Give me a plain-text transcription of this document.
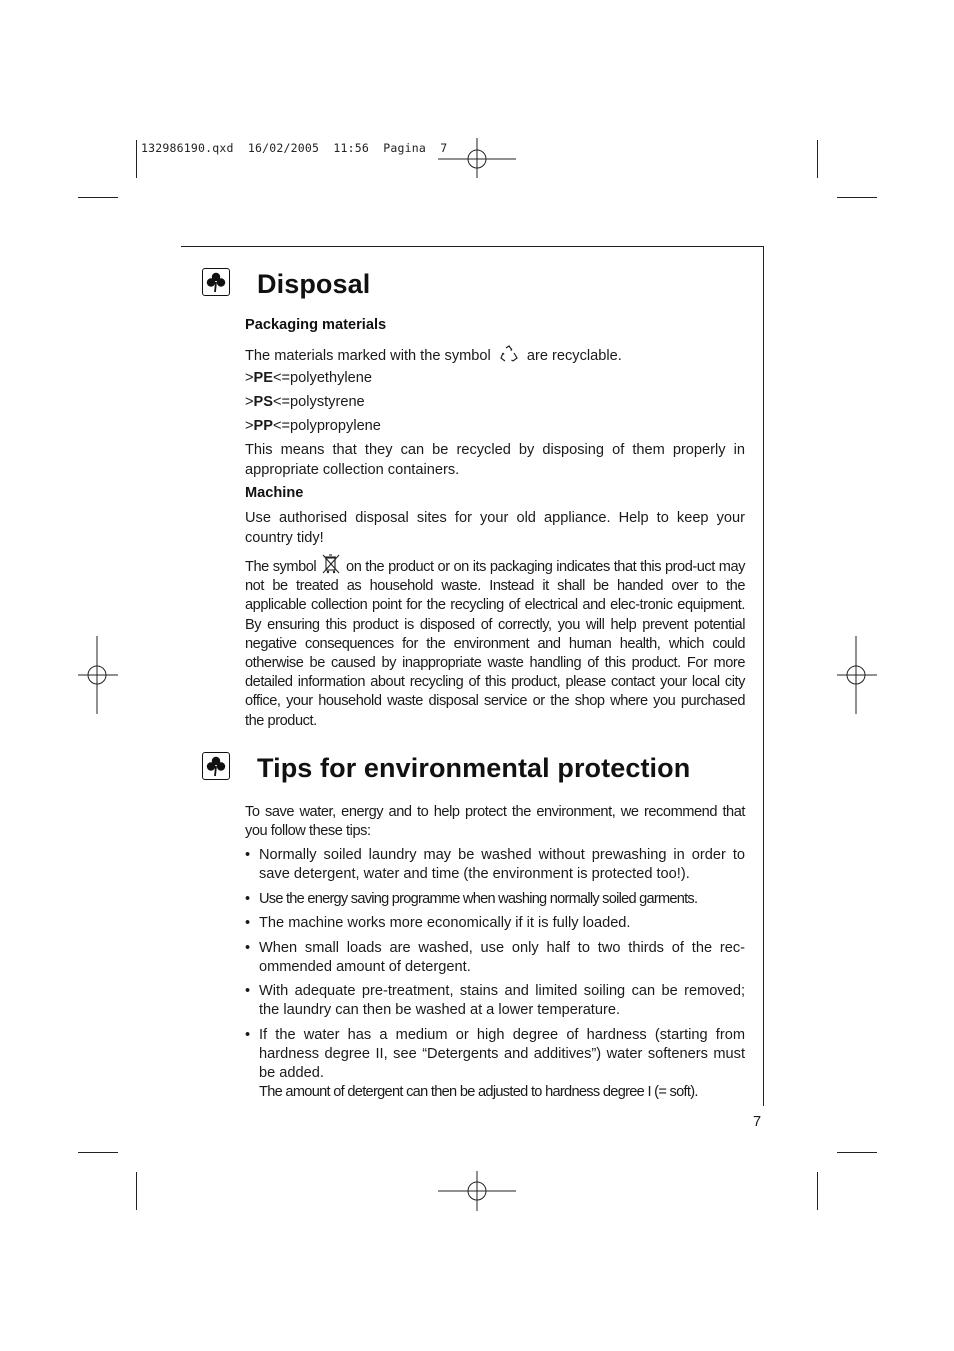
132986190.qxd  16/02/2005  11:56  Pagina  7
Disposal
Packaging materials
The materials marked with the symbol are recyclable.
>PE<=polyethylene
>PS<=polystyrene
>PP<=polypropylene
This means that they can be recycled by disposing of them properly in appropriate collection containers.
Machine
Use authorised disposal sites for your old appliance. Help to keep your country tidy!
The symbol on the product or on its packaging indicates that this prod-uct may not be treated as household waste. Instead it shall be handed over to the applicable collection point for the recycling of electrical and elec-tronic equipment. By ensuring this product is disposed of correctly, you will help prevent potential negative consequences for the environment and human health, which could otherwise be caused by inappropriate waste handling of this product. For more detailed information about recycling of this product, please contact your local city office, your household waste disposal service or the shop where you purchased the product.
Tips for environmental protection
To save water, energy and to help protect the environment, we recommend that you follow these tips:
• Normally soiled laundry may be washed without prewashing in order to save detergent, water and time (the environment is protected too!).
• Use the energy saving programme when washing normally soiled garments.
• The machine works more economically if it is fully loaded.
• When small loads are washed, use only half to two thirds of the rec-ommended amount of detergent.
• With adequate pre-treatment, stains and limited soiling can be removed; the laundry can then be washed at a lower temperature.
• If the water has a medium or high degree of hardness (starting from hardness degree II, see “Detergents and additives”) water softeners must be added.
The amount of detergent can then be adjusted to hardness degree I (= soft).
7
